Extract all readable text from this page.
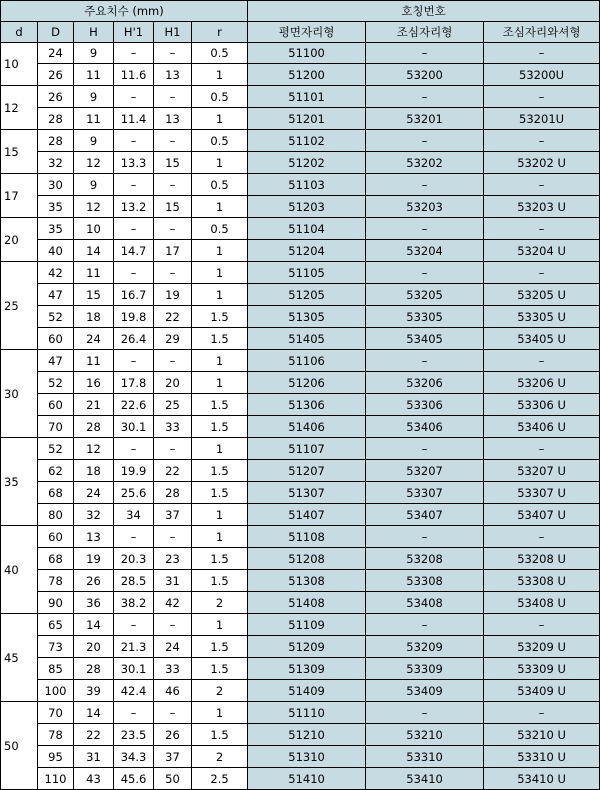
주요치수 (mm)						호칭번호		
d	D	H	H'1	H1	r	평면자리형	조심자리형	조심자리와셔형
10	24	9	–	–	0.5	51100	–	–
	26	11	11.6	13	1	51200	53200	53200U
12	26	9	–	–	0.5	51101	–	–
	28	11	11.4	13	1	51201	53201	53201U
15	28	9	–	–	0.5	51102	–	–
	32	12	13.3	15	1	51202	53202	53202 U
17	30	9	–	–	0.5	51103	–	–
	35	12	13.2	15	1	51203	53203	53203 U
20	35	10	–	–	0.5	51104	–	–
	40	14	14.7	17	1	51204	53204	53204 U
25	42	11	–	–	1	51105	–	–
	47	15	16.7	19	1	51205	53205	53205 U
	52	18	19.8	22	1.5	51305	53305	53305 U
	60	24	26.4	29	1.5	51405	53405	53405 U
30	47	11	–	–	1	51106	–	–
	52	16	17.8	20	1	51206	53206	53206 U
	60	21	22.6	25	1.5	51306	53306	53306 U
	70	28	30.1	33	1.5	51406	53406	53406 U
35	52	12	–	–	1	51107	–	–
	62	18	19.9	22	1.5	51207	53207	53207 U
	68	24	25.6	28	1.5	51307	53307	53307 U
	80	32	34	37	1	51407	53407	53407 U
40	60	13	–	–	1	51108	–	–
	68	19	20.3	23	1.5	51208	53208	53208 U
	78	26	28.5	31	1.5	51308	53308	53308 U
	90	36	38.2	42	2	51408	53408	53408 U
45	65	14	–	–	1	51109	–	–
	73	20	21.3	24	1.5	51209	53209	53209 U
	85	28	30.1	33	1.5	51309	53309	53309 U
	100	39	42.4	46	2	51409	53409	53409 U
50	70	14	–	–	1	51110	–	–
	78	22	23.5	26	1.5	51210	53210	53210 U
	95	31	34.3	37	2	51310	53310	53310 U
	110	43	45.6	50	2.5	51410	53410	53410 U
